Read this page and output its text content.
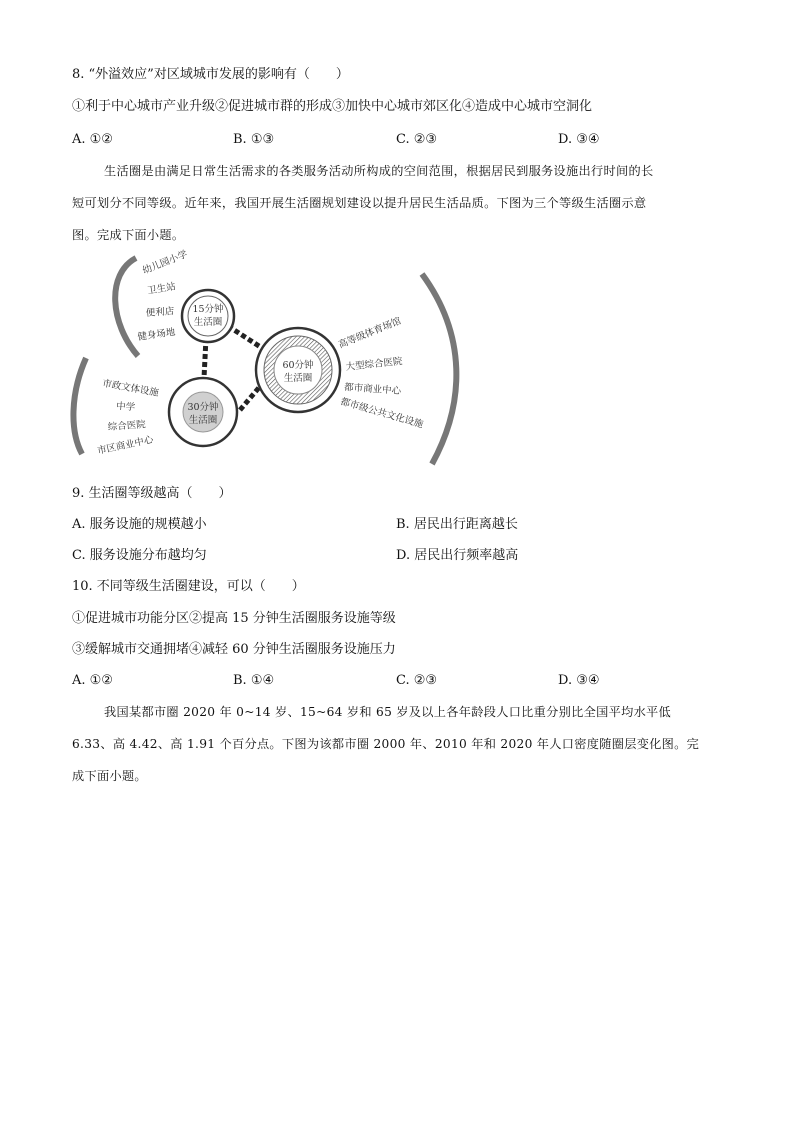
8. “外溢效应”对区域城市发展的影响有（　　）
①利于中心城市产业升级②促进城市群的形成③加快中心城市郊区化④造成中心城市空洞化
A. ①②	B. ①③	C. ②③	D. ③④
生活圈是由满足日常生活需求的各类服务活动所构成的空间范围，根据居民到服务设施出行时间的长
短可划分不同等级。近年来，我国开展生活圈规划建设以提升居民生活品质。下图为三个等级生活圈示意
图。完成下面小题。
15分钟
生活圈
30分钟
生活圈
60分钟
生活圈
幼儿园小学
卫生站
便利店
健身场地
市政文体设施
中学
综合医院
市区商业中心
高等级体育场馆
大型综合医院
都市商业中心
都市级公共文化设施
9. 生活圈等级越高（　　）
A. 服务设施的规模越小	B. 居民出行距离越长
C. 服务设施分布越均匀	D. 居民出行频率越高
10. 不同等级生活圈建设，可以（　　）
①促进城市功能分区②提高 15 分钟生活圈服务设施等级
③缓解城市交通拥堵④减轻 60 分钟生活圈服务设施压力
A. ①②	B. ①④	C. ②③	D. ③④
我国某都市圈 2020 年 0~14 岁、15~64 岁和 65 岁及以上各年龄段人口比重分别比全国平均水平低
6.33、高 4.42、高 1.91 个百分点。下图为该都市圈 2000 年、2010 年和 2020 年人口密度随圈层变化图。完
成下面小题。
